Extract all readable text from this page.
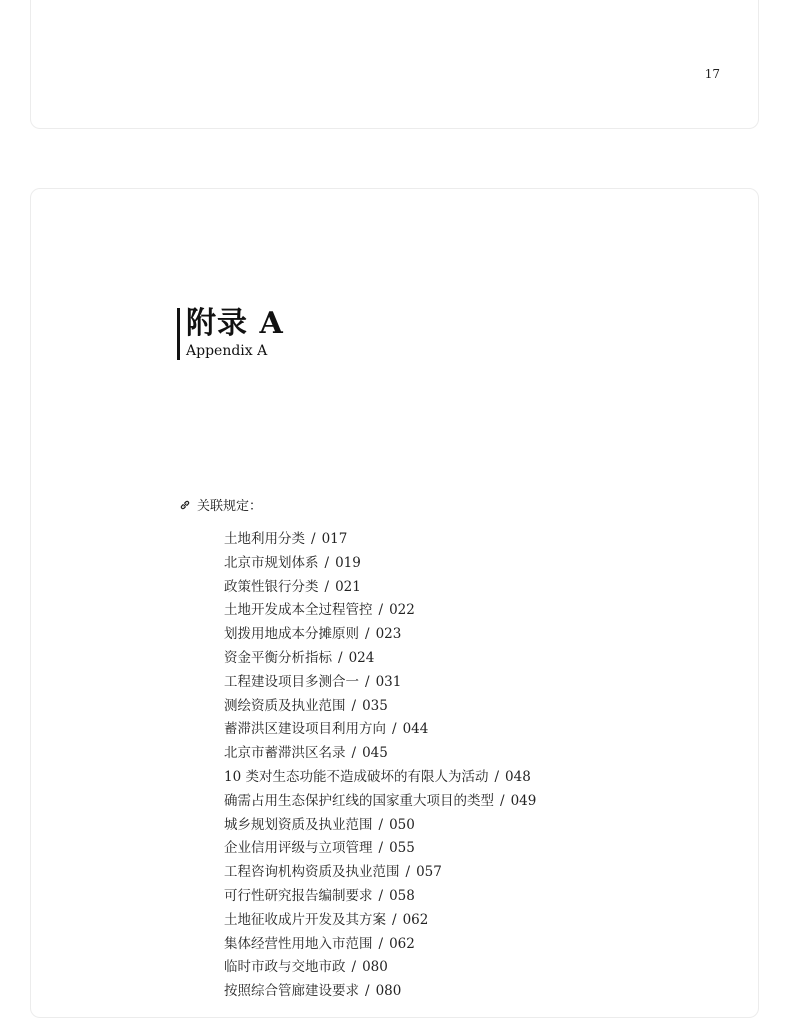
17
附录 A
Appendix A
关联规定：
土地利用分类 / 017
北京市规划体系 / 019
政策性银行分类 / 021
土地开发成本全过程管控 / 022
划拨用地成本分摊原则 / 023
资金平衡分析指标 / 024
工程建设项目多测合一 / 031
测绘资质及执业范围 / 035
蓄滞洪区建设项目利用方向 / 044
北京市蓄滞洪区名录 / 045
10 类对生态功能不造成破坏的有限人为活动 / 048
确需占用生态保护红线的国家重大项目的类型 / 049
城乡规划资质及执业范围 / 050
企业信用评级与立项管理 / 055
工程咨询机构资质及执业范围 / 057
可行性研究报告编制要求 / 058
土地征收成片开发及其方案 / 062
集体经营性用地入市范围 / 062
临时市政与交地市政 / 080
按照综合管廊建设要求 / 080
